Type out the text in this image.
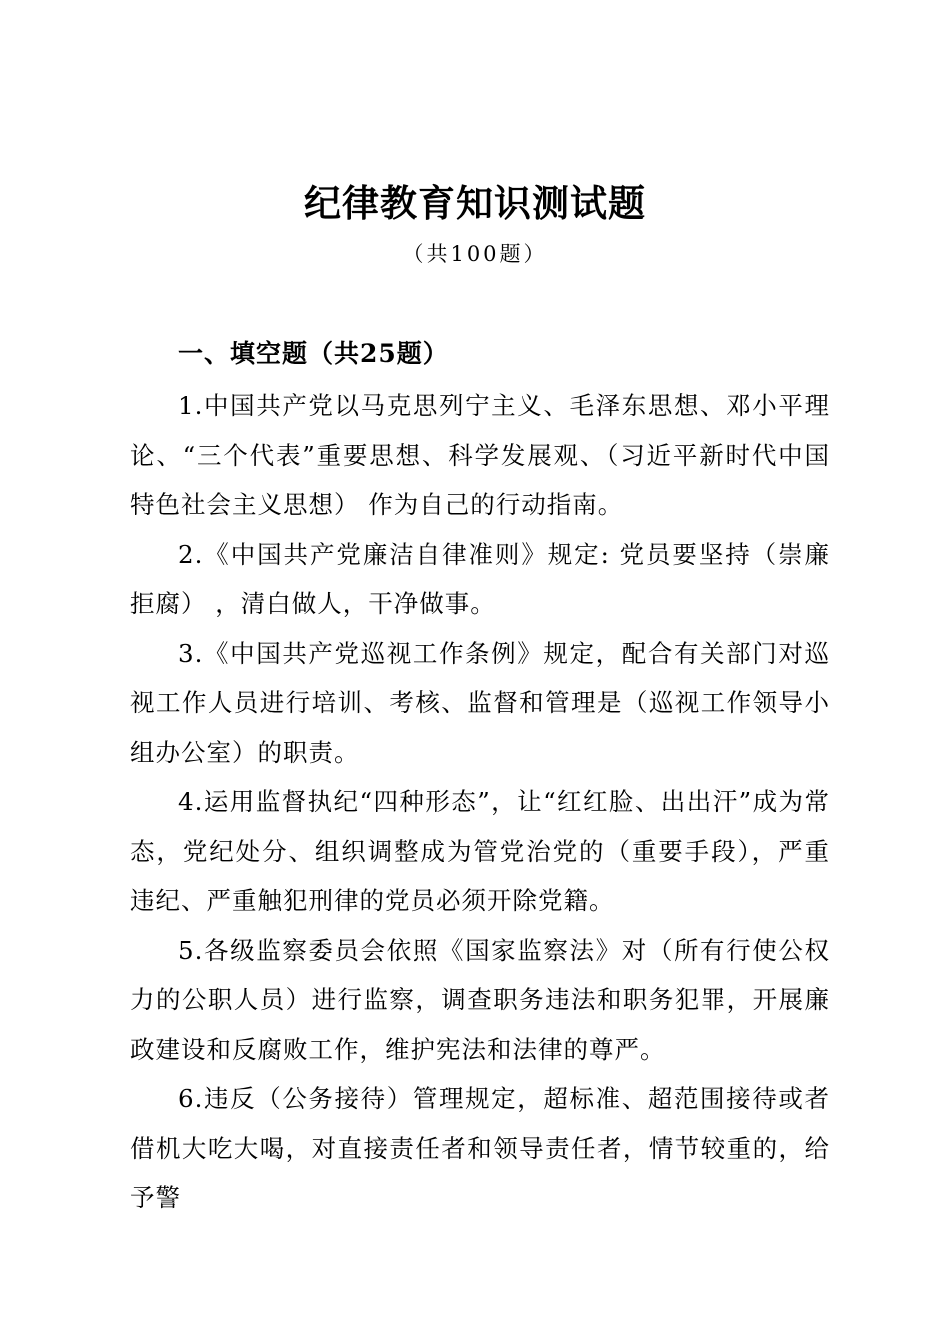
纪律教育知识测试题
（共100题）
一、填空题（共25题）

1.中国共产党以马克思列宁主义、毛泽东思想、邓小平理论、“三个代表”重要思想、科学发展观、（习近平新时代中国特色社会主义思想） 作为自己的行动指南。

2.《中国共产党廉洁自律准则》规定: 党员要坚持（崇廉拒腐） ，清白做人，干净做事。

3.《中国共产党巡视工作条例》规定，配合有关部门对巡视工作人员进行培训、考核、监督和管理是（巡视工作领导小组办公室）的职责。

4.运用监督执纪“四种形态”，让“红红脸、出出汗”成为常态，党纪处分、组织调整成为管党治党的（重要手段），严重违纪、严重触犯刑律的党员必须开除党籍。

5.各级监察委员会依照《国家监察法》对（所有行使公权力的公职人员）进行监察，调查职务违法和职务犯罪，开展廉政建设和反腐败工作，维护宪法和法律的尊严。

6.违反（公务接待）管理规定，超标准、超范围接待或者借机大吃大喝，对直接责任者和领导责任者，情节较重的，给予警
